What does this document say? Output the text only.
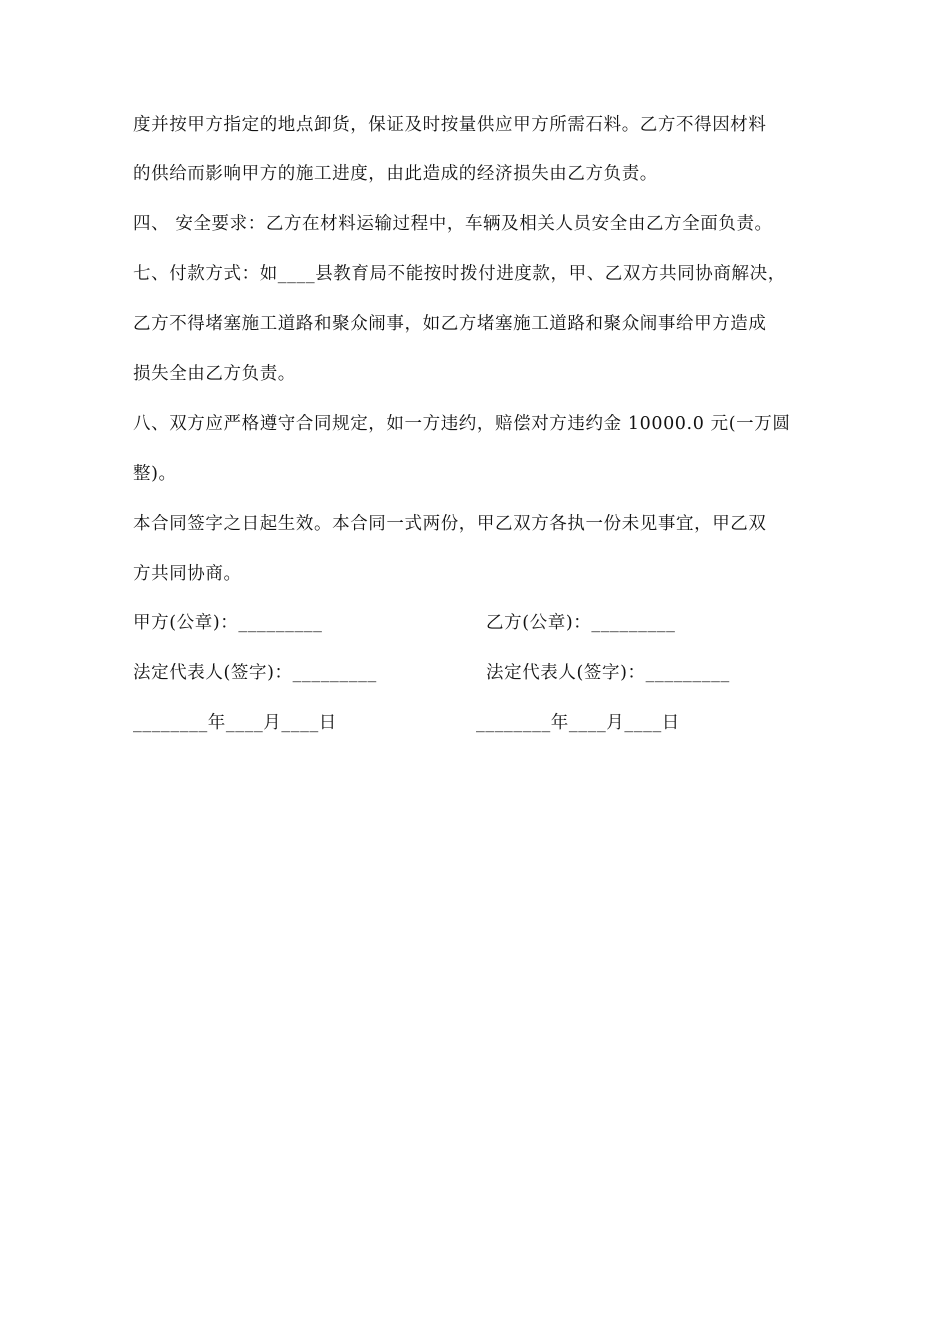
度并按甲方指定的地点卸货，保证及时按量供应甲方所需石料。乙方不得因材料
的供给而影响甲方的施工进度，由此造成的经济损失由乙方负责。
四、 安全要求：乙方在材料运输过程中，车辆及相关人员安全由乙方全面负责。
七、付款方式：如____县教育局不能按时拨付进度款，甲、乙双方共同协商解决，
乙方不得堵塞施工道路和聚众闹事，如乙方堵塞施工道路和聚众闹事给甲方造成
损失全由乙方负责。
八、双方应严格遵守合同规定，如一方违约，赔偿对方违约金 10000.0 元(一万圆
整)。
本合同签字之日起生效。本合同一式两份，甲乙双方各执一份未见事宜，甲乙双
方共同协商。
甲方(公章)：_________	乙方(公章)：_________
法定代表人(签字)：_________	法定代表人(签字)：_________
________年____月____日	________年____月____日
